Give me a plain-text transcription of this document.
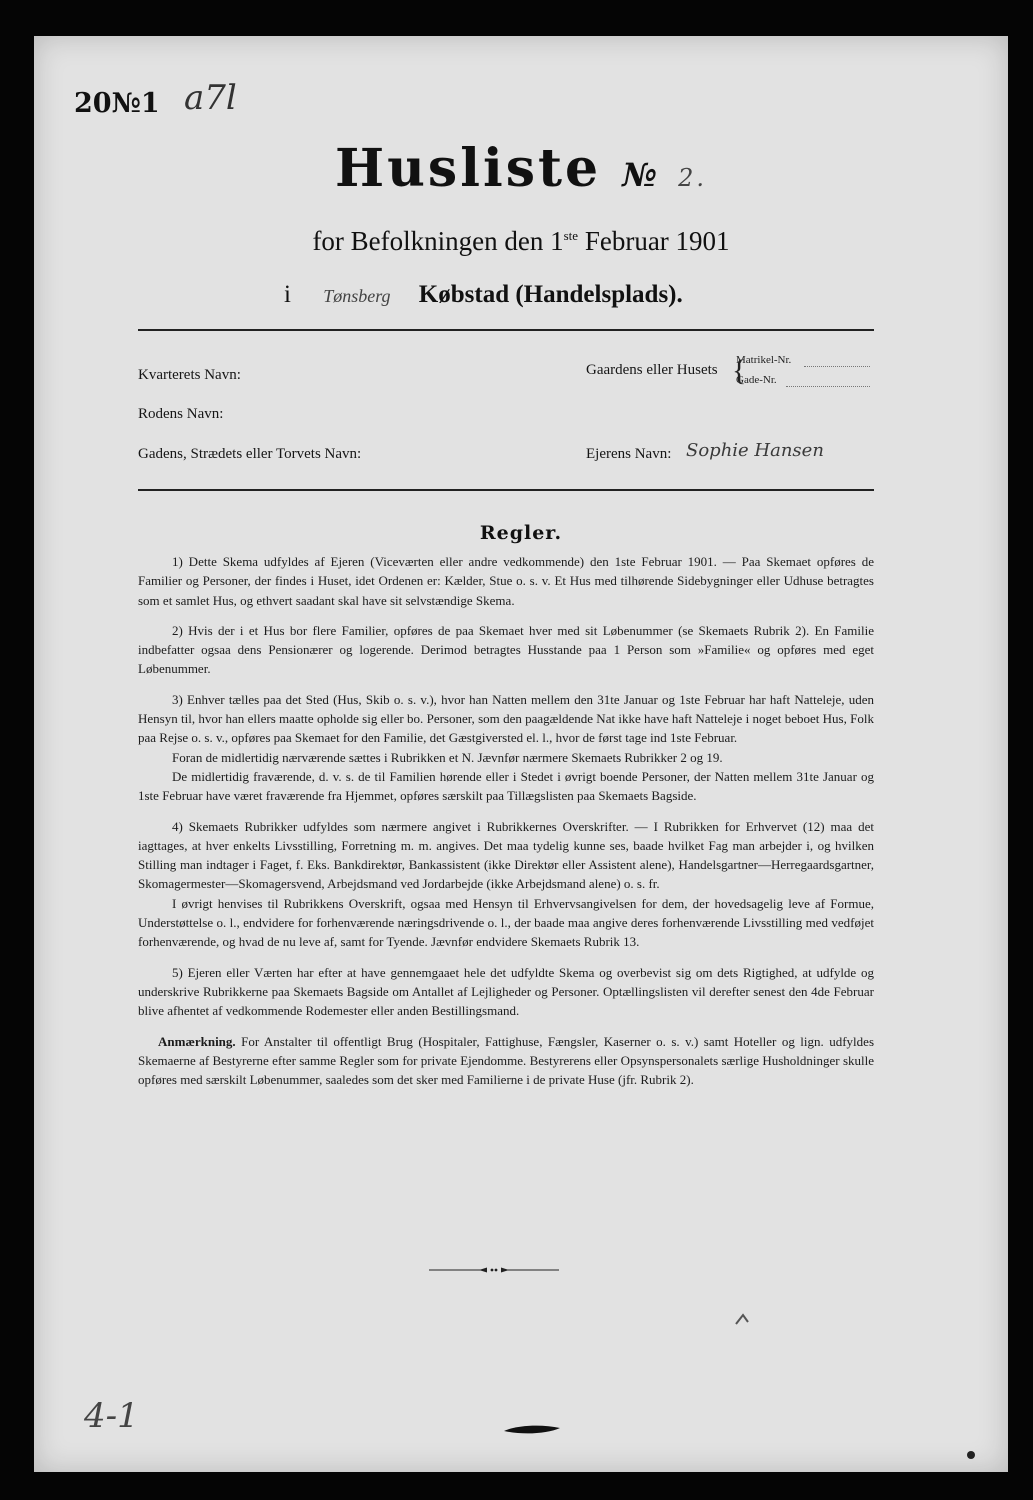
20№1 a7l
Husliste № 2.
for Befolkningen den 1ste Februar 1901
i Tønsberg Købstad (Handelsplads).
Kvarterets Navn:
Rodens Navn:
Gadens, Strædets eller Torvets Navn:
Gaardens eller Husets {
Matrikel-Nr.
Gade-Nr.
Ejerens Navn: Sophie Hansen
Regler.

1) Dette Skema udfyldes af Ejeren (Viceværten eller andre vedkommende) den 1ste Februar 1901. — Paa Skemaet opføres de Familier og Personer, der findes i Huset, idet Ordenen er: Kælder, Stue o. s. v. Et Hus med tilhørende Sidebygninger eller Udhuse betragtes som et samlet Hus, og ethvert saadant skal have sit selvstændige Skema.

2) Hvis der i et Hus bor flere Familier, opføres de paa Skemaet hver med sit Løbenummer (se Skemaets Rubrik 2). En Familie indbefatter ogsaa dens Pensionærer og logerende. Derimod betragtes Husstande paa 1 Person som »Familie« og opføres med eget Løbenummer.

3) Enhver tælles paa det Sted (Hus, Skib o. s. v.), hvor han Natten mellem den 31te Januar og 1ste Februar har haft Natteleje, uden Hensyn til, hvor han ellers maatte opholde sig eller bo. Personer, som den paagældende Nat ikke have haft Natteleje i noget beboet Hus, Folk paa Rejse o. s. v., opføres paa Skemaet for den Familie, det Gæstgiversted el. l., hvor de først tage ind 1ste Februar.

Foran de midlertidig nærværende sættes i Rubrikken et N. Jævnfør nærmere Skemaets Rubrikker 2 og 19.

De midlertidig fraværende, d. v. s. de til Familien hørende eller i Stedet i øvrigt boende Personer, der Natten mellem 31te Januar og 1ste Februar have været fraværende fra Hjemmet, opføres særskilt paa Tillægslisten paa Skemaets Bagside.

4) Skemaets Rubrikker udfyldes som nærmere angivet i Rubrikkernes Overskrifter. — I Rubrikken for Erhvervet (12) maa det iagttages, at hver enkelts Livsstilling, Forretning m. m. angives. Det maa tydelig kunne ses, baade hvilket Fag man arbejder i, og hvilken Stilling man indtager i Faget, f. Eks. Bankdirektør, Bankassistent (ikke Direktør eller Assistent alene), Handelsgartner—Herregaardsgartner, Skomagermester—Skomagersvend, Arbejdsmand ved Jordarbejde (ikke Arbejdsmand alene) o. s. fr.

I øvrigt henvises til Rubrikkens Overskrift, ogsaa med Hensyn til Erhvervsangivelsen for dem, der hovedsagelig leve af Formue, Understøttelse o. l., endvidere for forhenværende næringsdrivende o. l., der baade maa angive deres forhenværende Livsstilling med vedføjet forhenværende, og hvad de nu leve af, samt for Tyende. Jævnfør endvidere Skemaets Rubrik 13.

5) Ejeren eller Værten har efter at have gennemgaaet hele det udfyldte Skema og overbevist sig om dets Rigtighed, at udfylde og underskrive Rubrikkerne paa Skemaets Bagside om Antallet af Lejligheder og Personer. Optællingslisten vil derefter senest den 4de Februar blive afhentet af vedkommende Rodemester eller anden Bestillingsmand.

Anmærkning. For Anstalter til offentligt Brug (Hospitaler, Fattighuse, Fængsler, Kaserner o. s. v.) samt Hoteller og lign. udfyldes Skemaerne af Bestyrerne efter samme Regler som for private Ejendomme. Bestyrerens eller Opsynspersonalets særlige Husholdninger skulle opføres med særskilt Løbenummer, saaledes som det sker med Familierne i de private Huse (jfr. Rubrik 2).

4-1
